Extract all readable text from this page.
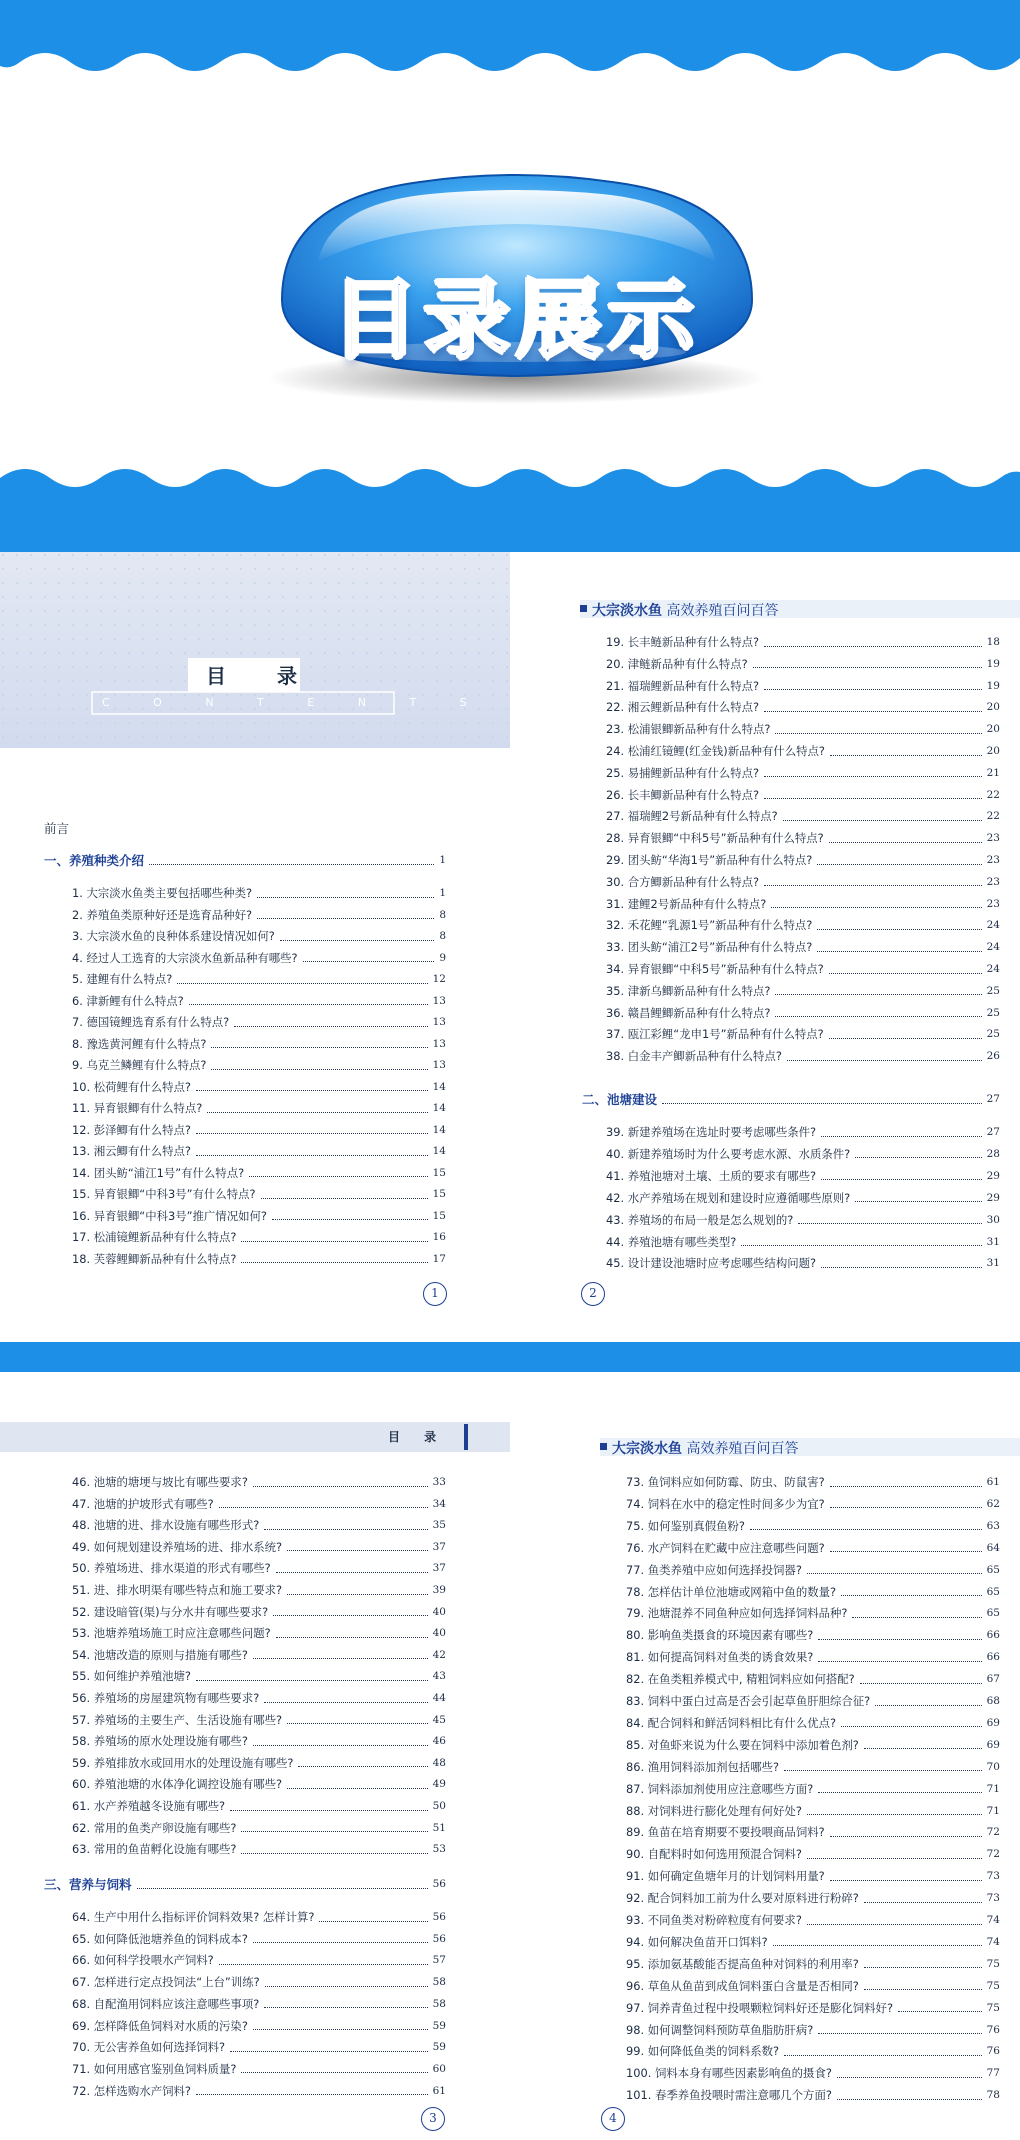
目录展示
目 录
C O N T E N T S
前言
一、养殖种类介绍	1
1. 大宗淡水鱼类主要包括哪些种类?	1
2. 养殖鱼类原种好还是选育品种好?	8
3. 大宗淡水鱼的良种体系建设情况如何?	8
4. 经过人工选育的大宗淡水鱼新品种有哪些?	9
5. 建鲤有什么特点?	12
6. 津新鲤有什么特点?	13
7. 德国镜鲤选育系有什么特点?	13
8. 豫选黄河鲤有什么特点?	13
9. 乌克兰鳞鲤有什么特点?	13
10. 松荷鲤有什么特点?	14
11. 异育银鲫有什么特点?	14
12. 彭泽鲫有什么特点?	14
13. 湘云鲫有什么特点?	14
14. 团头鲂“浦江1号”有什么特点?	15
15. 异育银鲫“中科3号”有什么特点?	15
16. 异育银鲫“中科3号”推广情况如何?	15
17. 松浦镜鲤新品种有什么特点?	16
18. 芙蓉鲤鲫新品种有什么特点?	17
1
大宗淡水鱼 高效养殖百问百答
19. 长丰鲢新品种有什么特点?	18
20. 津鲢新品种有什么特点?	19
21. 福瑞鲤新品种有什么特点?	19
22. 湘云鲤新品种有什么特点?	20
23. 松浦银鲫新品种有什么特点?	20
24. 松浦红镜鲤(红金钱)新品种有什么特点?	20
25. 易捕鲤新品种有什么特点?	21
26. 长丰鲫新品种有什么特点?	22
27. 福瑞鲤2号新品种有什么特点?	22
28. 异育银鲫“中科5号”新品种有什么特点?	23
29. 团头鲂“华海1号”新品种有什么特点?	23
30. 合方鲫新品种有什么特点?	23
31. 建鲤2号新品种有什么特点?	23
32. 禾花鲤“乳源1号”新品种有什么特点?	24
33. 团头鲂“浦江2号”新品种有什么特点?	24
34. 异育银鲫“中科5号”新品种有什么特点?	24
35. 津新乌鲫新品种有什么特点?	25
36. 赣昌鲤鲫新品种有什么特点?	25
37. 瓯江彩鲤“龙申1号”新品种有什么特点?	25
38. 白金丰产鲫新品种有什么特点?	26
二、池塘建设	27
39. 新建养殖场在选址时要考虑哪些条件?	27
40. 新建养殖场时为什么要考虑水源、水质条件?	28
41. 养殖池塘对土壤、土质的要求有哪些?	29
42. 水产养殖场在规划和建设时应遵循哪些原则?	29
43. 养殖场的布局一般是怎么规划的?	30
44. 养殖池塘有哪些类型?	31
45. 设计建设池塘时应考虑哪些结构问题?	31
2
目 录
46. 池塘的塘埂与坡比有哪些要求?	33
47. 池塘的护坡形式有哪些?	34
48. 池塘的进、排水设施有哪些形式?	35
49. 如何规划建设养殖场的进、排水系统?	37
50. 养殖场进、排水渠道的形式有哪些?	37
51. 进、排水明渠有哪些特点和施工要求?	39
52. 建设暗管(渠)与分水井有哪些要求?	40
53. 池塘养殖场施工时应注意哪些问题?	40
54. 池塘改造的原则与措施有哪些?	42
55. 如何维护养殖池塘?	43
56. 养殖场的房屋建筑物有哪些要求?	44
57. 养殖场的主要生产、生活设施有哪些?	45
58. 养殖场的原水处理设施有哪些?	46
59. 养殖排放水或回用水的处理设施有哪些?	48
60. 养殖池塘的水体净化调控设施有哪些?	49
61. 水产养殖越冬设施有哪些?	50
62. 常用的鱼类产卵设施有哪些?	51
63. 常用的鱼苗孵化设施有哪些?	53
三、营养与饲料	56
64. 生产中用什么指标评价饲料效果? 怎样计算?	56
65. 如何降低池塘养鱼的饲料成本?	56
66. 如何科学投喂水产饲料?	57
67. 怎样进行定点投饲法“上台”训练?	58
68. 自配渔用饲料应该注意哪些事项?	58
69. 怎样降低鱼饲料对水质的污染?	59
70. 无公害养鱼如何选择饲料?	59
71. 如何用感官鉴别鱼饲料质量?	60
72. 怎样选购水产饲料?	61
3
大宗淡水鱼 高效养殖百问百答
73. 鱼饲料应如何防霉、防虫、防鼠害?	61
74. 饲料在水中的稳定性时间多少为宜?	62
75. 如何鉴别真假鱼粉?	63
76. 水产饲料在贮藏中应注意哪些问题?	64
77. 鱼类养殖中应如何选择投饲器?	65
78. 怎样估计单位池塘或网箱中鱼的数量?	65
79. 池塘混养不同鱼种应如何选择饲料品种?	65
80. 影响鱼类摄食的环境因素有哪些?	66
81. 如何提高饲料对鱼类的诱食效果?	66
82. 在鱼类粗养模式中, 精粗饲料应如何搭配?	67
83. 饲料中蛋白过高是否会引起草鱼肝胆综合征?	68
84. 配合饲料和鲜活饲料相比有什么优点?	69
85. 对鱼虾来说为什么要在饲料中添加着色剂?	69
86. 渔用饲料添加剂包括哪些?	70
87. 饲料添加剂使用应注意哪些方面?	71
88. 对饲料进行膨化处理有何好处?	71
89. 鱼苗在培育期要不要投喂商品饲料?	72
90. 自配料时如何选用预混合饲料?	72
91. 如何确定鱼塘年月的计划饲料用量?	73
92. 配合饲料加工前为什么要对原料进行粉碎?	73
93. 不同鱼类对粉碎粒度有何要求?	74
94. 如何解决鱼苗开口饵料?	74
95. 添加氨基酸能否提高鱼种对饲料的利用率?	75
96. 草鱼从鱼苗到成鱼饲料蛋白含量是否相同?	75
97. 饲养青鱼过程中投喂颗粒饲料好还是膨化饲料好?	75
98. 如何调整饲料预防草鱼脂肪肝病?	76
99. 如何降低鱼类的饲料系数?	76
100. 饲料本身有哪些因素影响鱼的摄食?	77
101. 春季养鱼投喂时需注意哪几个方面?	78
4
